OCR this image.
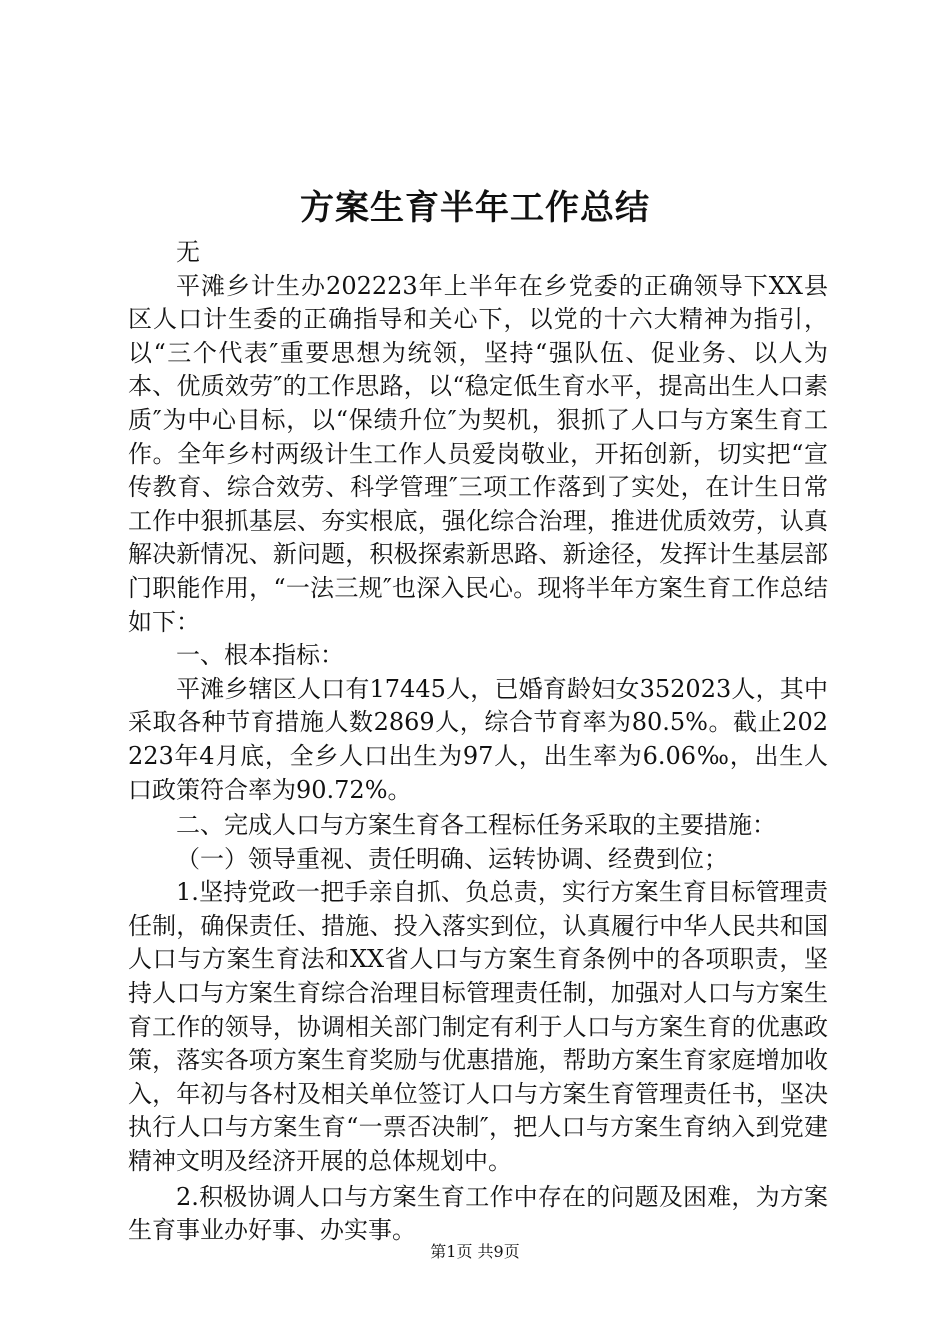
方案生育半年工作总结

无

平滩乡计生办202223年上半年在乡党委的正确领导下XX县区人口计生委的正确指导和关心下，以党的十六大精神为指引，以“三个代表″重要思想为统领，坚持“强队伍、促业务、以人为本、优质效劳″的工作思路，以“稳定低生育水平，提高出生人口素质″为中心目标，以“保绩升位″为契机，狠抓了人口与方案生育工作。全年乡村两级计生工作人员爱岗敬业，开拓创新，切实把“宣传教育、综合效劳、科学管理″三项工作落到了实处，在计生日常工作中狠抓基层、夯实根底，强化综合治理，推进优质效劳，认真解决新情况、新问题，积极探索新思路、新途径，发挥计生基层部门职能作用，“一法三规″也深入民心。现将半年方案生育工作总结如下：

一、根本指标：

平滩乡辖区人口有17445人，已婚育龄妇女352023人，其中采取各种节育措施人数2869人，综合节育率为80.5%。截止202223年4月底，全乡人口出生为97人，出生率为6.06‰，出生人口政策符合率为90.72%。

二、完成人口与方案生育各工程标任务采取的主要措施：

（一）领导重视、责任明确、运转协调、经费到位；

1.坚持党政一把手亲自抓、负总责，实行方案生育目标管理责任制，确保责任、措施、投入落实到位，认真履行中华人民共和国人口与方案生育法和XX省人口与方案生育条例中的各项职责，坚持人口与方案生育综合治理目标管理责任制，加强对人口与方案生育工作的领导，协调相关部门制定有利于人口与方案生育的优惠政策，落实各项方案生育奖励与优惠措施，帮助方案生育家庭增加收入，年初与各村及相关单位签订人口与方案生育管理责任书，坚决执行人口与方案生育“一票否决制″，把人口与方案生育纳入到党建精神文明及经济开展的总体规划中。

2.积极协调人口与方案生育工作中存在的问题及困难，为方案生育事业办好事、办实事。

第1页 共9页
